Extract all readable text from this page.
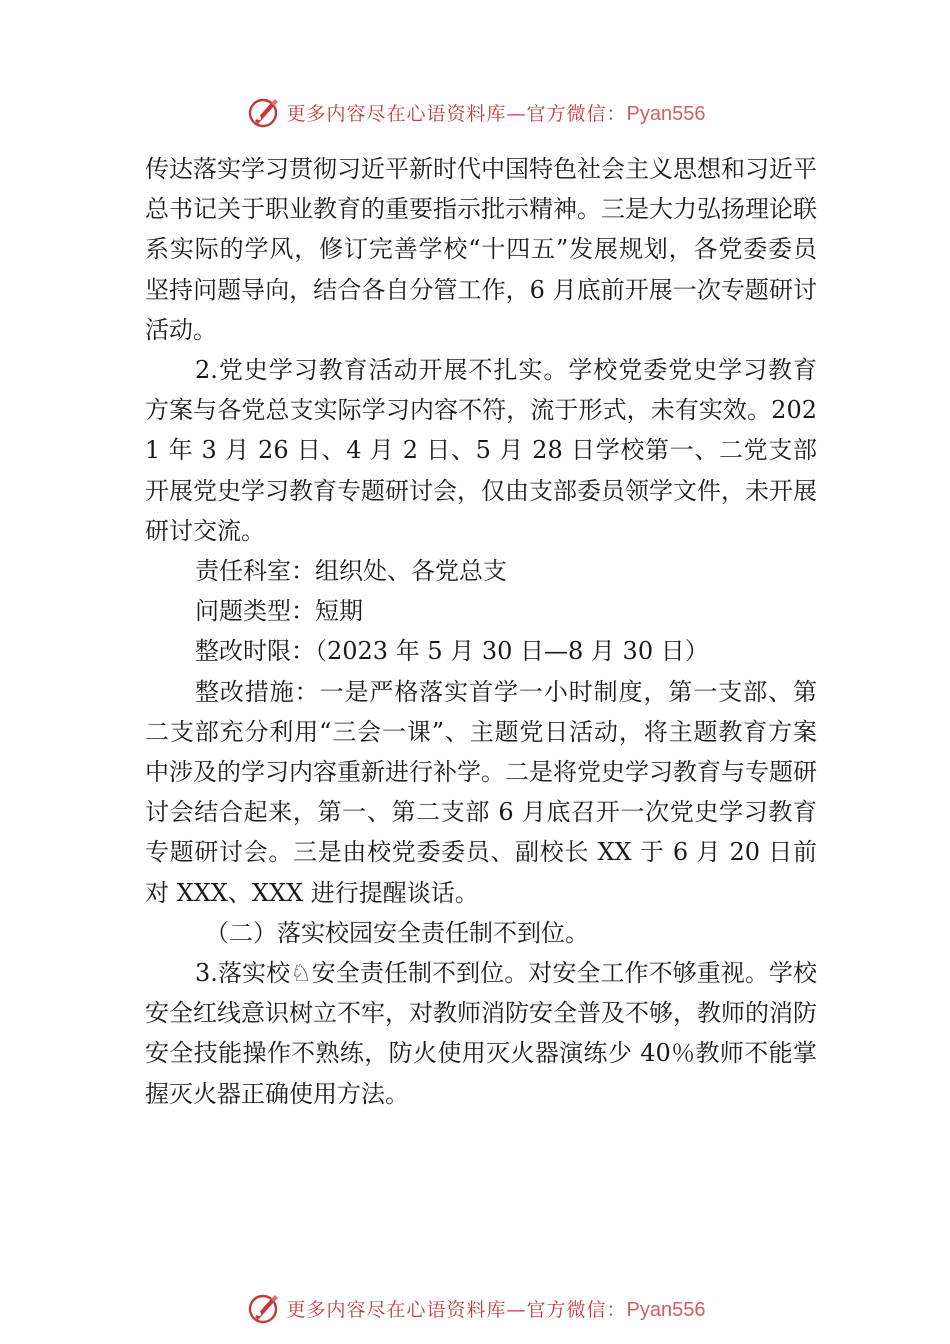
更多内容尽在心语资料库—官方微信：Pyan556

传达落实学习贯彻习近平新时代中国特色社会主义思想和习近平总书记关于职业教育的重要指示批示精神。三是大力弘扬理论联系实际的学风，修订完善学校“十四五”发展规划，各党委委员坚持问题导向，结合各自分管工作，6 月底前开展一次专题研讨活动。

2.党史学习教育活动开展不扎实。学校党委党史学习教育方案与各党总支实际学习内容不符，流于形式，未有实效。2021 年 3 月 26 日、4 月 2 日、5 月 28 日学校第一、二党支部开展党史学习教育专题研讨会，仅由支部委员领学文件，未开展研讨交流。

责任科室：组织处、各党总支

问题类型：短期

整改时限：（2023 年 5 月 30 日—8 月 30 日）

整改措施：一是严格落实首学一小时制度，第一支部、第二支部充分利用“三会一课”、主题党日活动，将主题教育方案中涉及的学习内容重新进行补学。二是将党史学习教育与专题研讨会结合起来，第一、第二支部 6 月底召开一次党史学习教育专题研讨会。三是由校党委委员、副校长 XX 于 6 月 20 日前对 XXX、XXX 进行提醒谈话。

（二）落实校园安全责任制不到位。

3.落实校♘安全责任制不到位。对安全工作不够重视。学校安全红线意识树立不牢，对教师消防安全普及不够，教师的消防安全技能操作不熟练，防火使用灭火器演练少 40％教师不能掌握灭火器正确使用方法。

更多内容尽在心语资料库—官方微信：Pyan556
